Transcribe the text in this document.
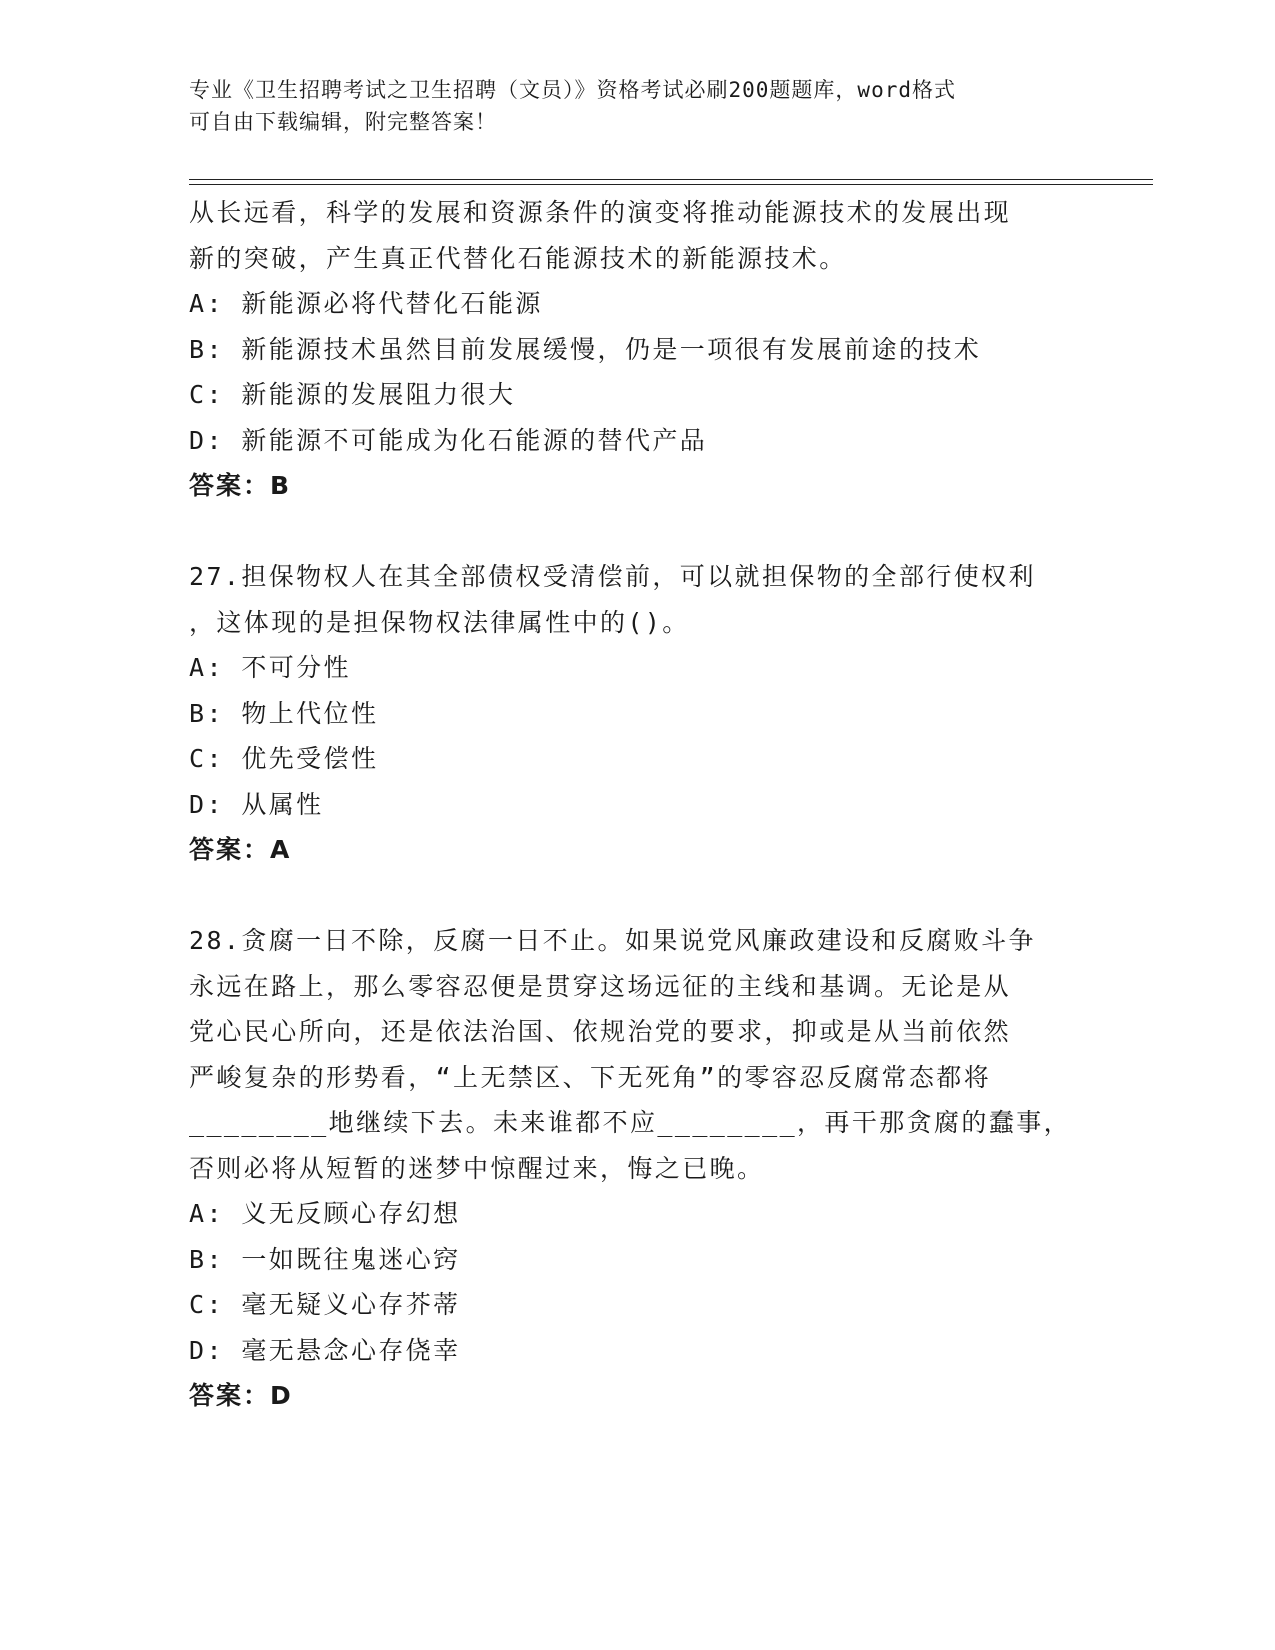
专业《卫生招聘考试之卫生招聘（文员）》资格考试必刷200题题库，word格式
可自由下载编辑，附完整答案！
从长远看，科学的发展和资源条件的演变将推动能源技术的发展出现
新的突破，产生真正代替化石能源技术的新能源技术。
A: 新能源必将代替化石能源
B: 新能源技术虽然目前发展缓慢，仍是一项很有发展前途的技术
C: 新能源的发展阻力很大
D: 新能源不可能成为化石能源的替代产品
答案：B
27.担保物权人在其全部债权受清偿前，可以就担保物的全部行使权利
，这体现的是担保物权法律属性中的()。
A: 不可分性
B: 物上代位性
C: 优先受偿性
D: 从属性
答案：A
28.贪腐一日不除，反腐一日不止。如果说党风廉政建设和反腐败斗争
永远在路上，那么零容忍便是贯穿这场远征的主线和基调。无论是从
党心民心所向，还是依法治国、依规治党的要求，抑或是从当前依然
严峻复杂的形势看，“上无禁区、下无死角”的零容忍反腐常态都将
________地继续下去。未来谁都不应________，再干那贪腐的蠢事，
否则必将从短暂的迷梦中惊醒过来，悔之已晚。
A: 义无反顾心存幻想
B: 一如既往鬼迷心窍
C: 毫无疑义心存芥蒂
D: 毫无悬念心存侥幸
答案：D
